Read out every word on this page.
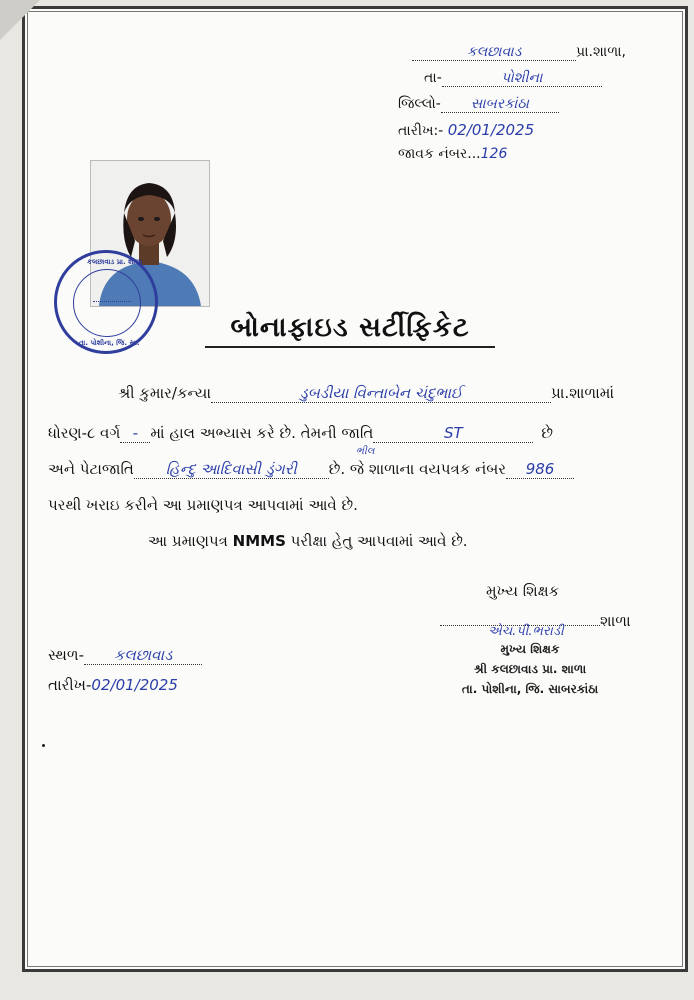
કલછાવાડ	પ્રા.શાળા,
તા-	પોશીના
જિલ્લો- સાબરકાંઠા
તારીખ:- 02/01/2025
જાવક નંબર...126
કલછાવાડ પ્રા. શાળા
તા. પોશીના, જિ. સા.	બોનાફાઇડ સર્ટીફિકેટ
શ્રી કુમાર/કન્યા	ડુબડીયા વિન્તાબેન ચંદુભાઈ	પ્રા.શાળામાં
ધોરણ-૮ વર્ગ - માં હાલ અભ્યાસ કરે છે. તેમની જાતિ	ST	છે
ભીલ
અને પેટાજાતિ હિન્દુ આદિવાસી ડુંગરી છે. જે શાળાના વયપત્રક નંબર 986
પરથી ખરાઇ કરીને આ પ્રમાણપત્ર આપવામાં આવે છે.
આ પ્રમાણપત્ર NMMS પરીક્ષા હેતુ આપવામાં આવે છે.
મુખ્ય શિક્ષક
શાળા
એચ.પી.ભરાડી
મુખ્ય શિક્ષક
શ્રી કલછાવાડ પ્રા. શાળા
તા. પોશીના, જિ. સાબરકાંઠા
સ્થળ- કલછાવાડ
તારીખ-02/01/2025
